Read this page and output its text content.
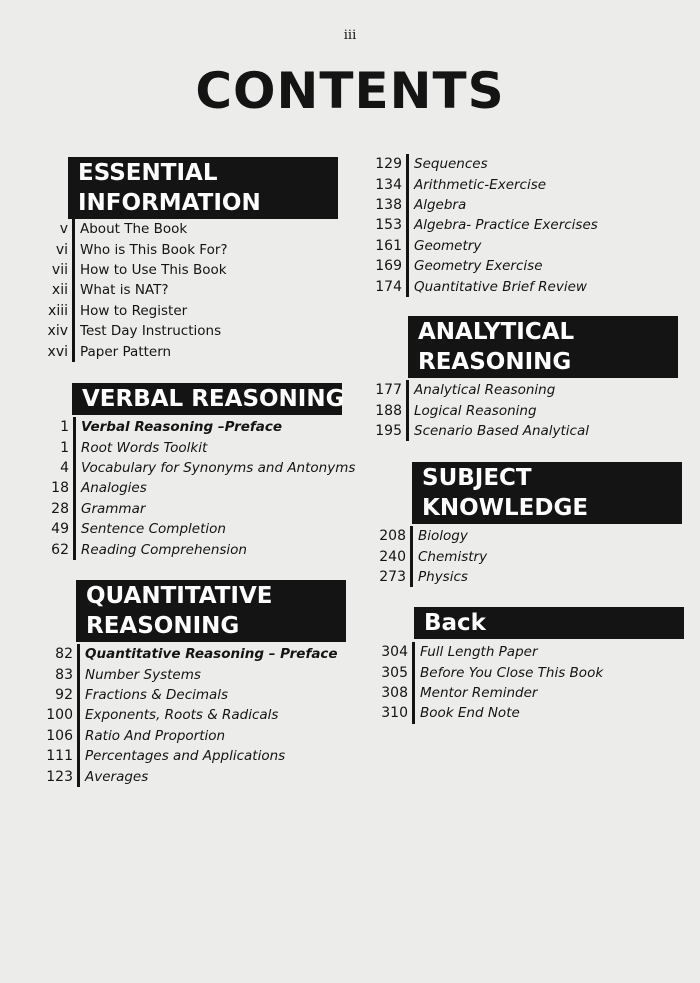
iii
CONTENTS
ESSENTIAL
INFORMATION
v About The Book
vi Who is This Book For?
vii How to Use This Book
xii What is NAT?
xiii How to Register
xiv Test Day Instructions
xvi Paper Pattern
VERBAL REASONING
1 Verbal Reasoning –Preface
1 Root Words Toolkit
4 Vocabulary for Synonyms and Antonyms
18 Analogies
28 Grammar
49 Sentence Completion
62 Reading Comprehension
QUANTITATIVE
REASONING
82 Quantitative Reasoning – Preface
83 Number Systems
92 Fractions & Decimals
100 Exponents, Roots & Radicals
106 Ratio And Proportion
111 Percentages and Applications
123 Averages
129 Sequences
134 Arithmetic-Exercise
138 Algebra
153 Algebra- Practice Exercises
161 Geometry
169 Geometry Exercise
174 Quantitative Brief Review
ANALYTICAL
REASONING
177 Analytical Reasoning
188 Logical Reasoning
195 Scenario Based Analytical
SUBJECT
KNOWLEDGE
208 Biology
240 Chemistry
273 Physics
Back
304 Full Length Paper
305 Before You Close This Book
308 Mentor Reminder
310 Book End Note
